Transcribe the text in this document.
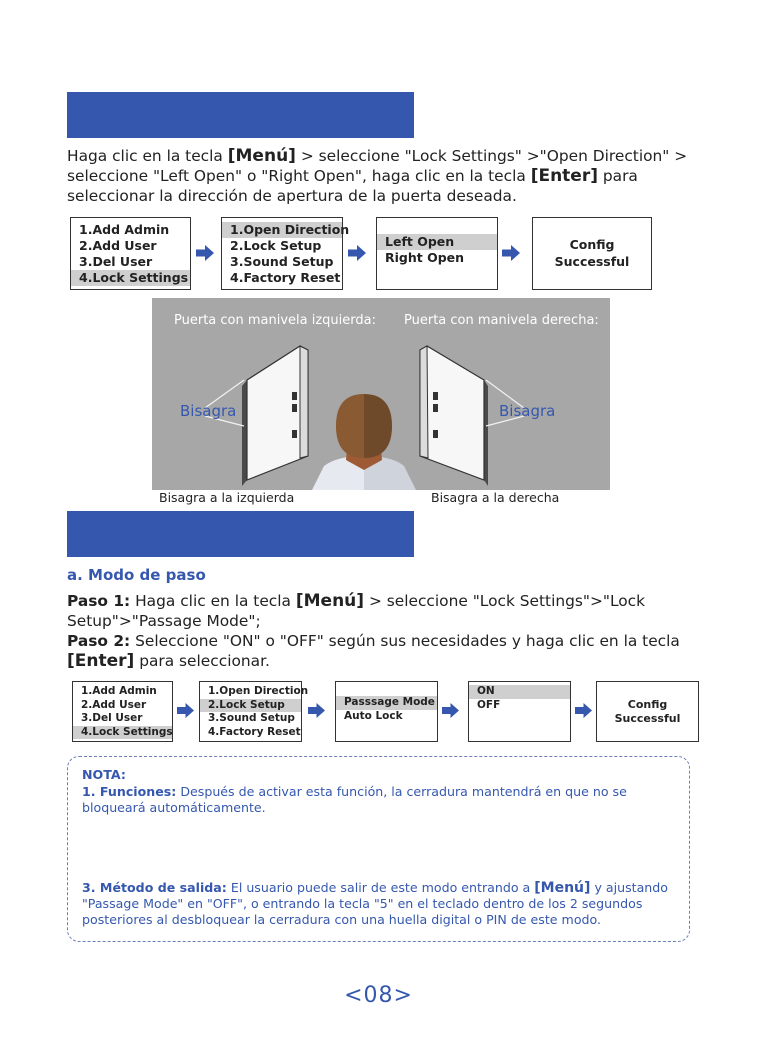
Haga clic en la tecla [Menú] > seleccione "Lock Settings" >"Open Direction" > seleccione "Left Open" o "Right Open", haga clic en la tecla [Enter] para seleccionar la dirección de apertura de la puerta deseada.
1.Add Admin
2.Add User
3.Del User
4.Lock Settings
1.Open Direction
2.Lock Setup
3.Sound Setup
4.Factory Reset
Left Open
Right Open
Config
Successful
Puerta con manivela izquierda: Puerta con manivela derecha:
Bisagra	Bisagra
Bisagra a la izquierda	Bisagra a la derecha
a. Modo de paso
Paso 1: Haga clic en la tecla [Menú] > seleccione "Lock Settings">"Lock Setup">"Passage Mode";
Paso 2: Seleccione "ON" o "OFF" según sus necesidades y haga clic en la tecla [Enter] para seleccionar.
1.Add Admin
2.Add User
3.Del User
4.Lock Settings
1.Open Direction
2.Lock Setup
3.Sound Setup
4.Factory Reset
Passsage Mode
Auto Lock
ON
OFF	Config
Successful
NOTA:
1. Funciones: Después de activar esta función, la cerradura mantendrá en que no se bloqueará automáticamente.
3. Método de salida: El usuario puede salir de este modo entrando a [Menú] y ajustando "Passage Mode" en "OFF", o entrando la tecla "5" en el teclado dentro de los 2 segundos posteriores al desbloquear la cerradura con una huella digital o PIN de este modo.
<08>
